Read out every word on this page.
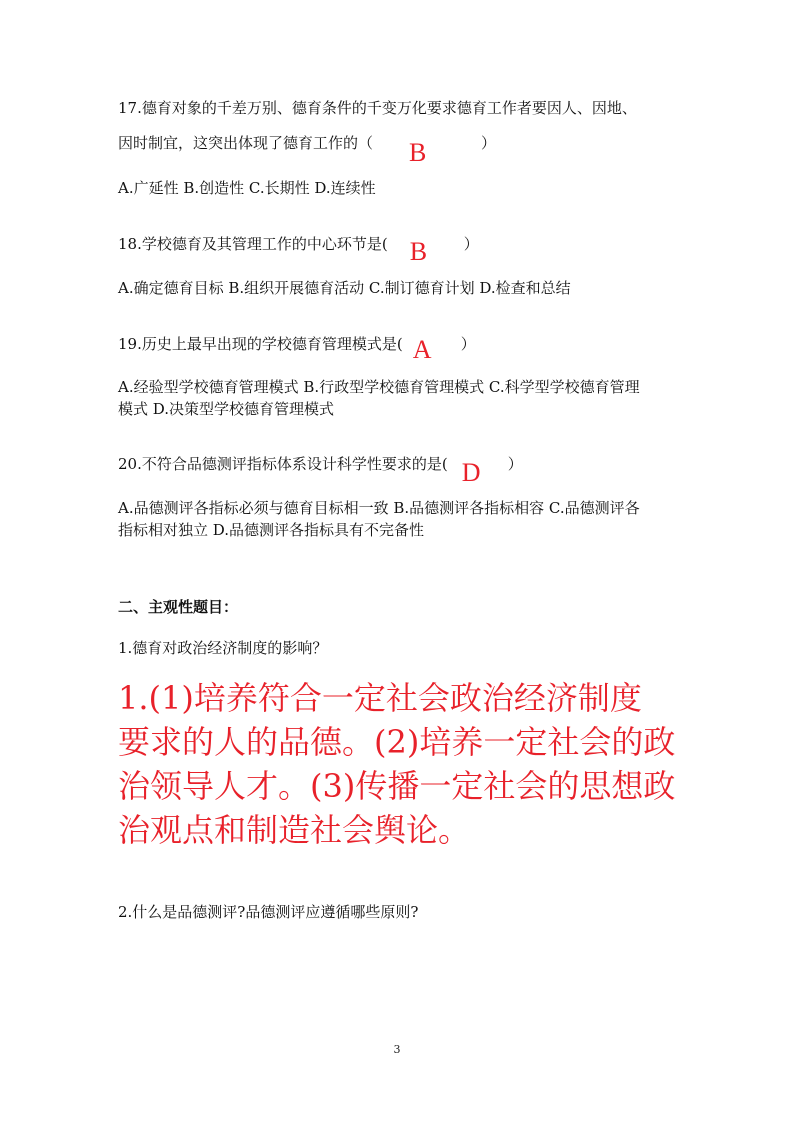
17.德育对象的千差万别、德育条件的千变万化要求德育工作者要因人、因地、

因时制宜，这突出体现了德育工作的（ B	）

A.广延性 B.创造性 C.长期性 D.连续性

18.学校德育及其管理工作的中心环节是( B ）

A.确定德育目标 B.组织开展德育活动 C.制订德育计划 D.检查和总结

19.历史上最早出现的学校德育管理模式是( A ）

A.经验型学校德育管理模式 B.行政型学校德育管理模式 C.科学型学校德育管理

模式 D.决策型学校德育管理模式

20.不符合品德测评指标体系设计科学性要求的是( D ）

A.品德测评各指标必须与德育目标相一致 B.品德测评各指标相容 C.品德测评各

指标相对独立 D.品德测评各指标具有不完备性

二、主观性题目：

1.德育对政治经济制度的影响？

1.(1)培养符合一定社会政治经济制度
要求的人的品德。(2)培养一定社会的政
治领导人才。(3)传播一定社会的思想政
治观点和制造社会舆论。

2.什么是品德测评?品德测评应遵循哪些原则?

3
